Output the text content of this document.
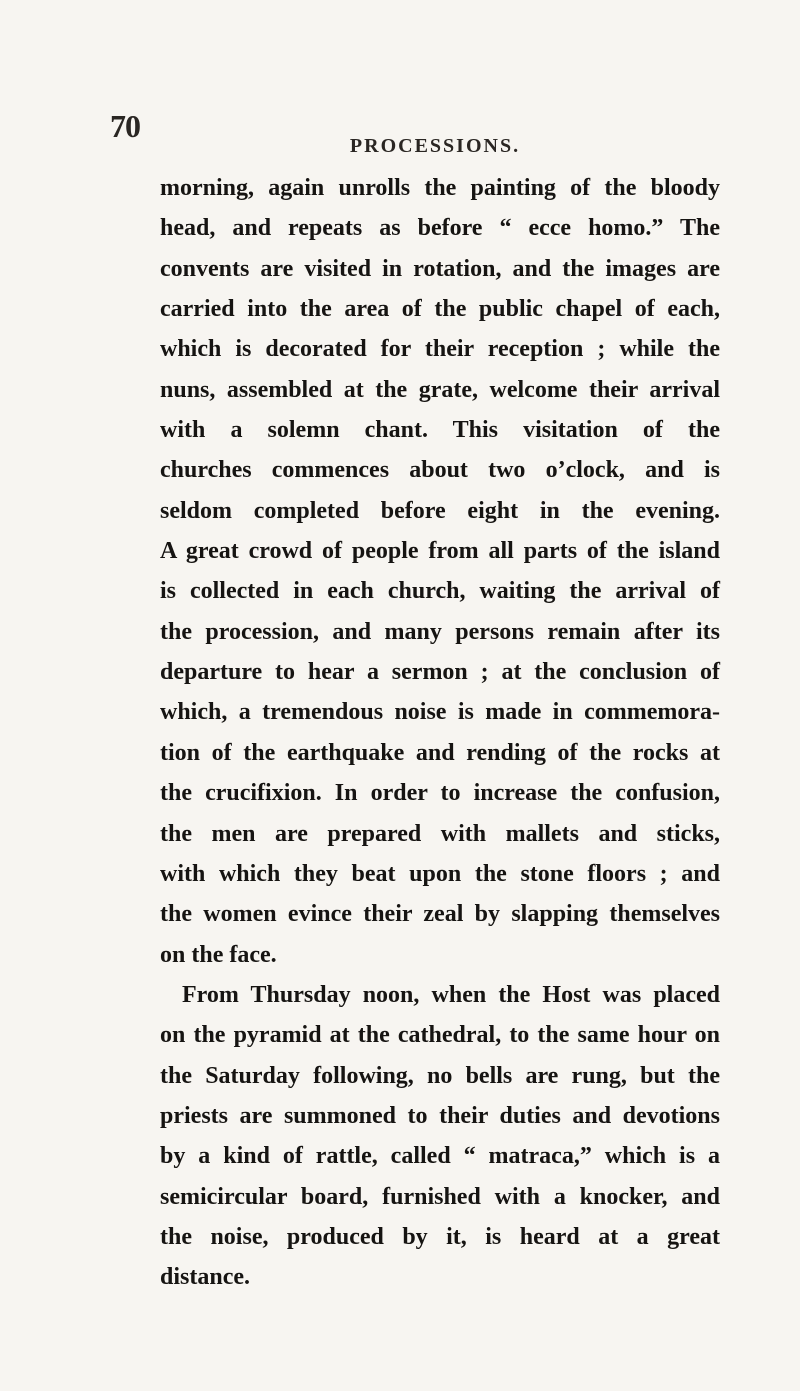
70
PROCESSIONS.
morning, again unrolls the painting of the bloody
head, and repeats as before “ ecce homo.” The
convents are visited in rotation, and the images are
carried into the area of the public chapel of each,
which is decorated for their reception ; while the
nuns, assembled at the grate, welcome their arrival
with a solemn chant. This visitation of the
churches commences about two o’clock, and is
seldom completed before eight in the evening.
A great crowd of people from all parts of the island
is collected in each church, waiting the arrival of
the procession, and many persons remain after its
departure to hear a sermon ; at the conclusion of
which, a tremendous noise is made in commemora-
tion of the earthquake and rending of the rocks at
the crucifixion. In order to increase the confusion,
the men are prepared with mallets and sticks,
with which they beat upon the stone floors ; and
the women evince their zeal by slapping themselves
on the face.
From Thursday noon, when the Host was placed
on the pyramid at the cathedral, to the same hour on
the Saturday following, no bells are rung, but the
priests are summoned to their duties and devotions
by a kind of rattle, called “ matraca,” which is a
semicircular board, furnished with a knocker, and
the noise, produced by it, is heard at a great
distance.
